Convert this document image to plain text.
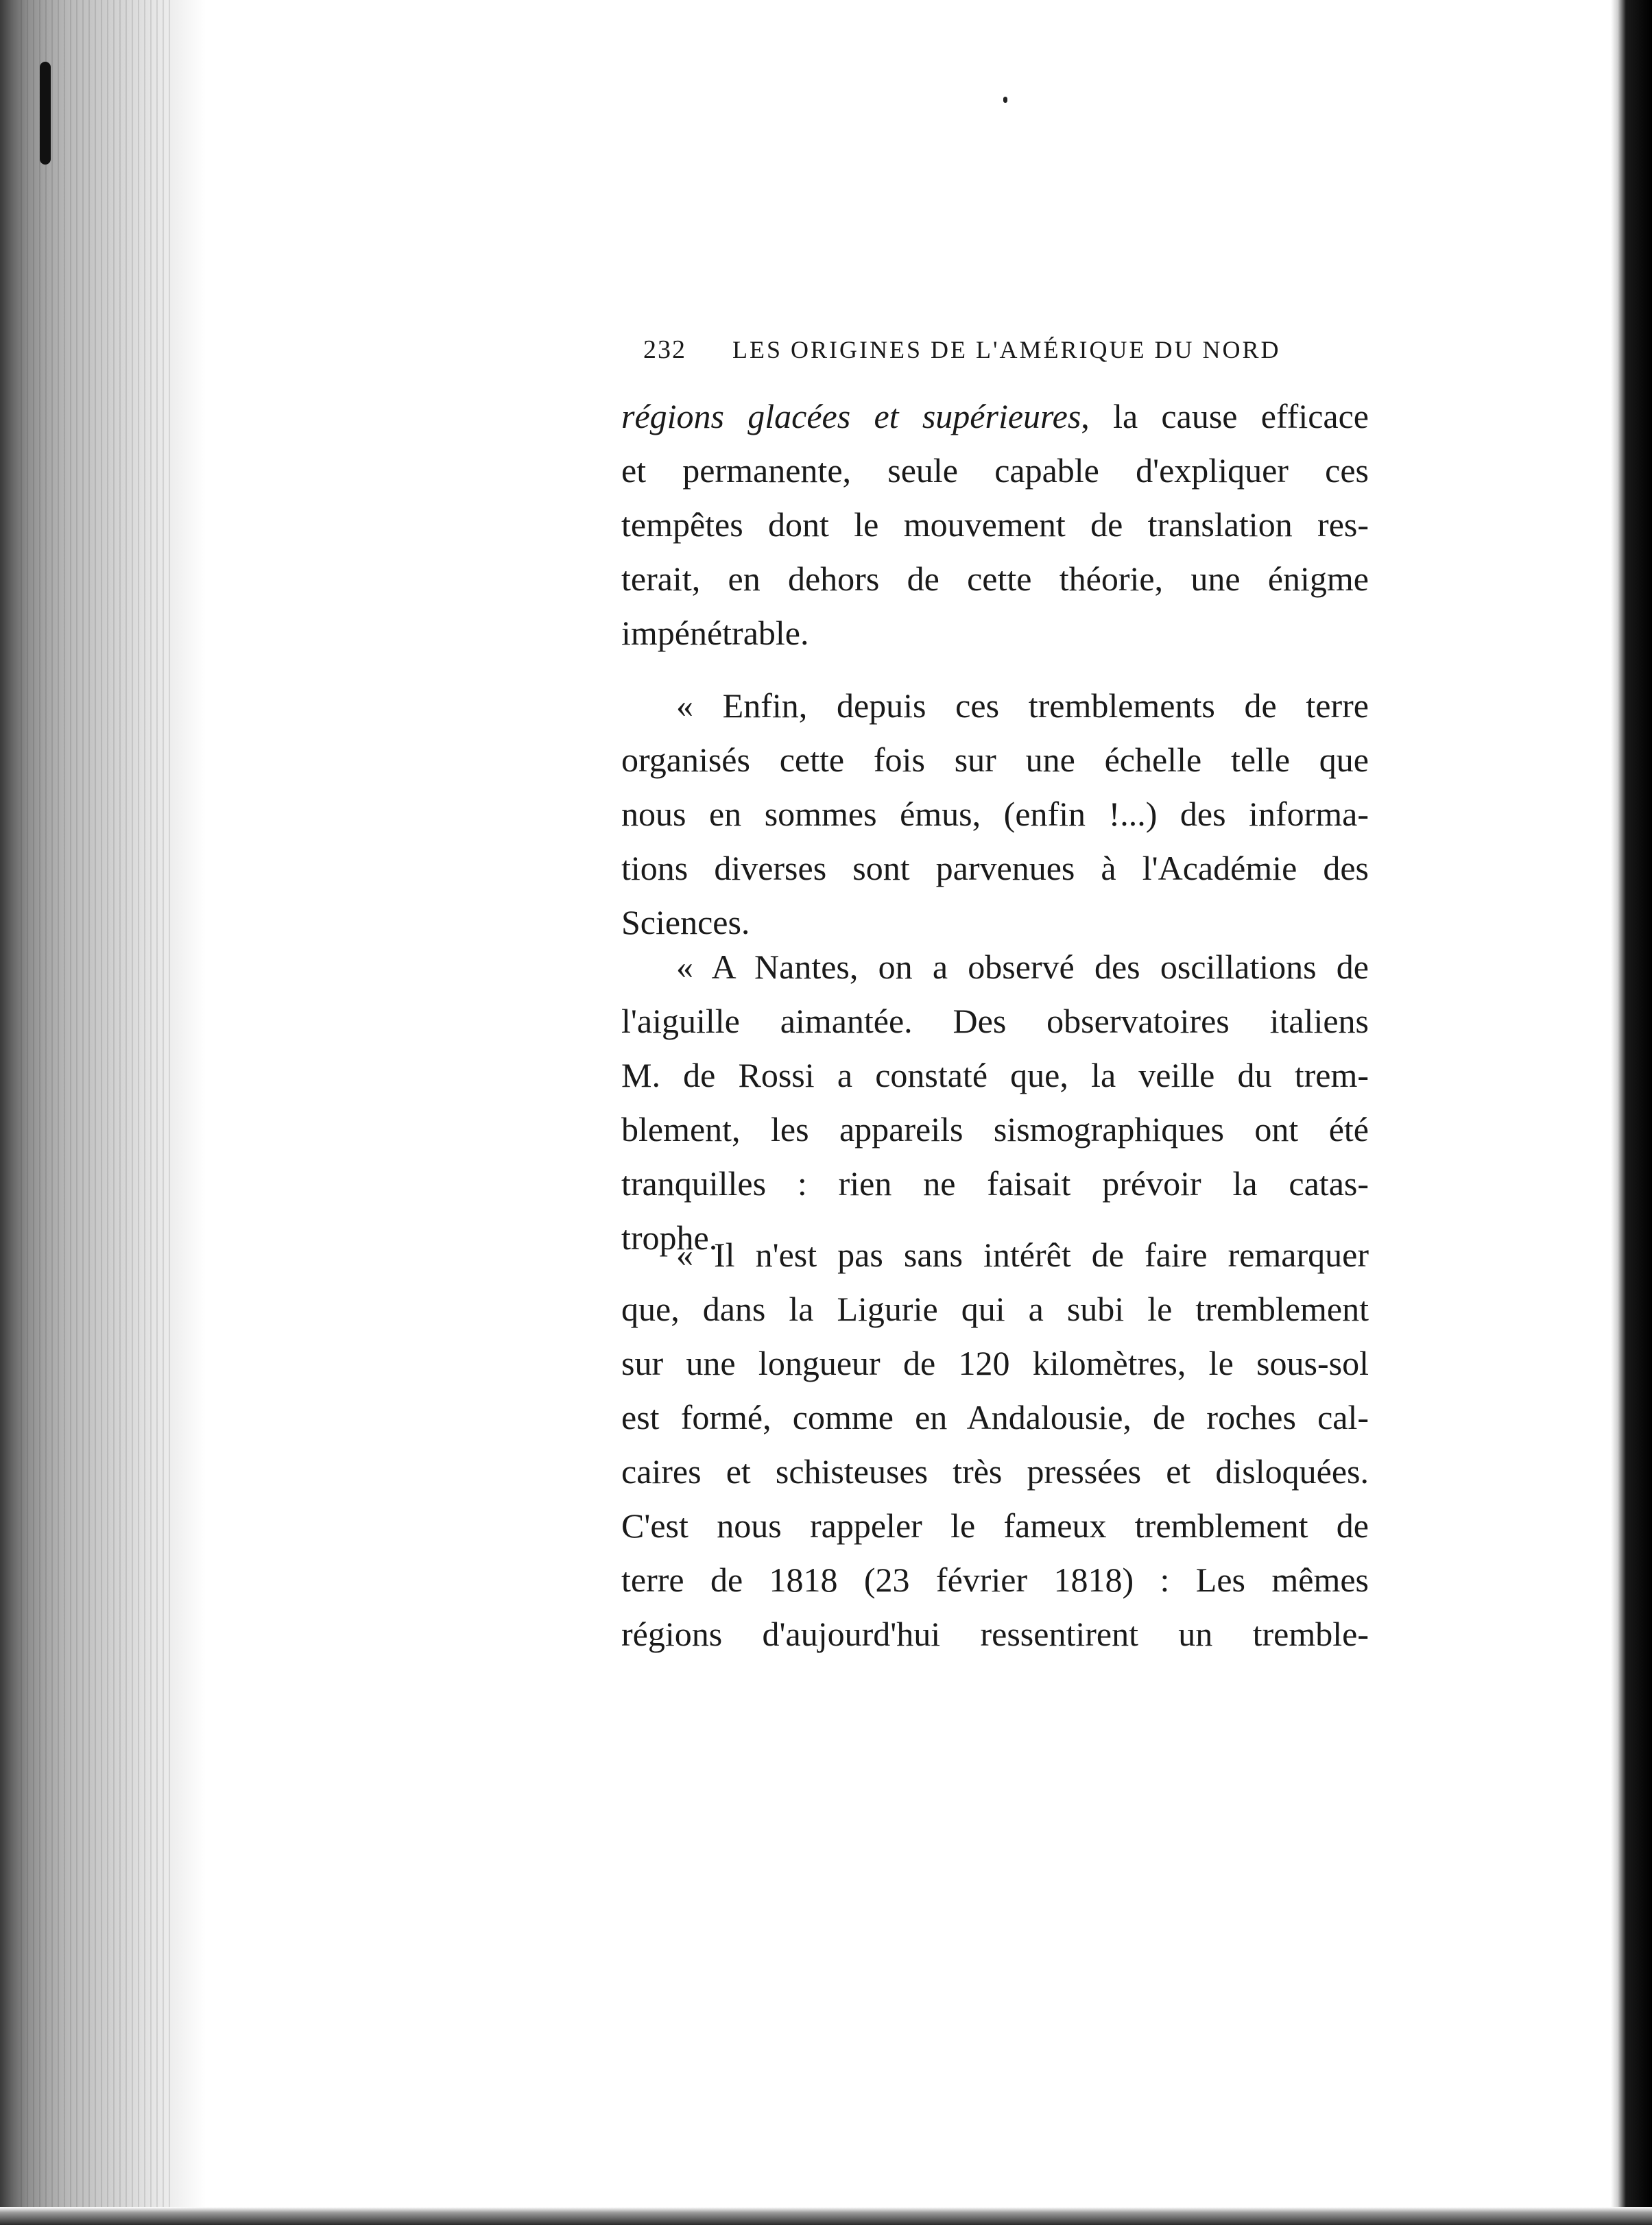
232	LES ORIGINES DE L'AMÉRIQUE DU NORD
régions glacées et supérieures, la cause efficace
et permanente, seule capable d'expliquer ces
tempêtes dont le mouvement de translation res-
terait, en dehors de cette théorie, une énigme
impénétrable.
« Enfin, depuis ces tremblements de terre
organisés cette fois sur une échelle telle que
nous en sommes émus, (enfin !...) des informa-
tions diverses sont parvenues à l'Académie des
Sciences.
« A Nantes, on a observé des oscillations de
l'aiguille aimantée. Des observatoires italiens
M. de Rossi a constaté que, la veille du trem-
blement, les appareils sismographiques ont été
tranquilles : rien ne faisait prévoir la catas-
trophe.
« Il n'est pas sans intérêt de faire remarquer
que, dans la Ligurie qui a subi le tremblement
sur une longueur de 120 kilomètres, le sous-sol
est formé, comme en Andalousie, de roches cal-
caires et schisteuses très pressées et disloquées.
C'est nous rappeler le fameux tremblement de
terre de 1818 (23 février 1818) : Les mêmes
régions d'aujourd'hui ressentirent un tremble-
